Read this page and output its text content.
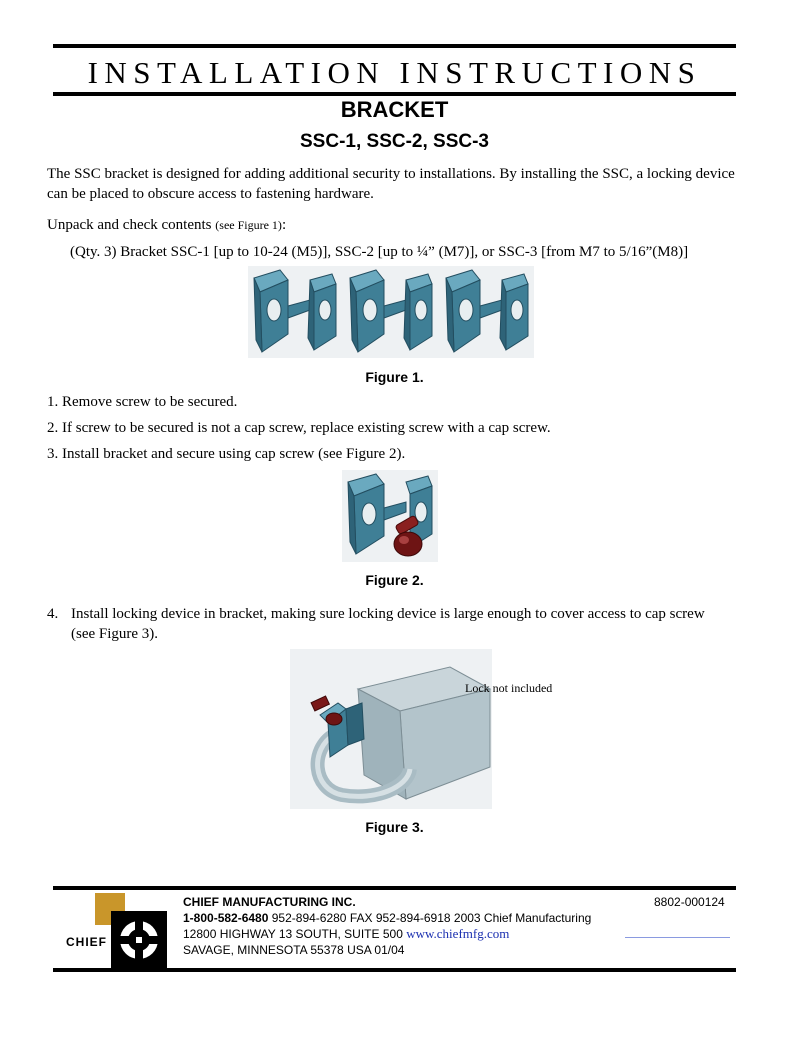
INSTALLATION INSTRUCTIONS
BRACKET
SSC-1, SSC-2, SSC-3
The SSC bracket is designed for adding additional security to installations. By installing the SSC, a locking device can be placed to obscure access to fastening hardware.
Unpack and check contents (see Figure 1):
(Qty. 3) Bracket SSC-1 [up to 10-24 (M5)], SSC-2 [up to ¼” (M7)], or SSC-3 [from M7 to 5/16”(M8)]
Figure 1.
1. Remove screw to be secured.
2. If screw to be secured is not a cap screw, replace existing screw with a cap screw.
3. Install bracket and secure using cap screw (see Figure 2).
Figure 2.
4. Install locking device in bracket, making sure locking device is large enough to cover access to cap screw (see Figure 3).
Lock not included
Figure 3.
CHIEF
CHIEF MANUFACTURING INC.
1-800-582-6480 952-894-6280 FAX 952-894-6918 2003 Chief Manufacturing
12800 HIGHWAY 13 SOUTH, SUITE 500 www.chiefmfg.com
SAVAGE, MINNESOTA 55378 USA 01/04
8802-000124
